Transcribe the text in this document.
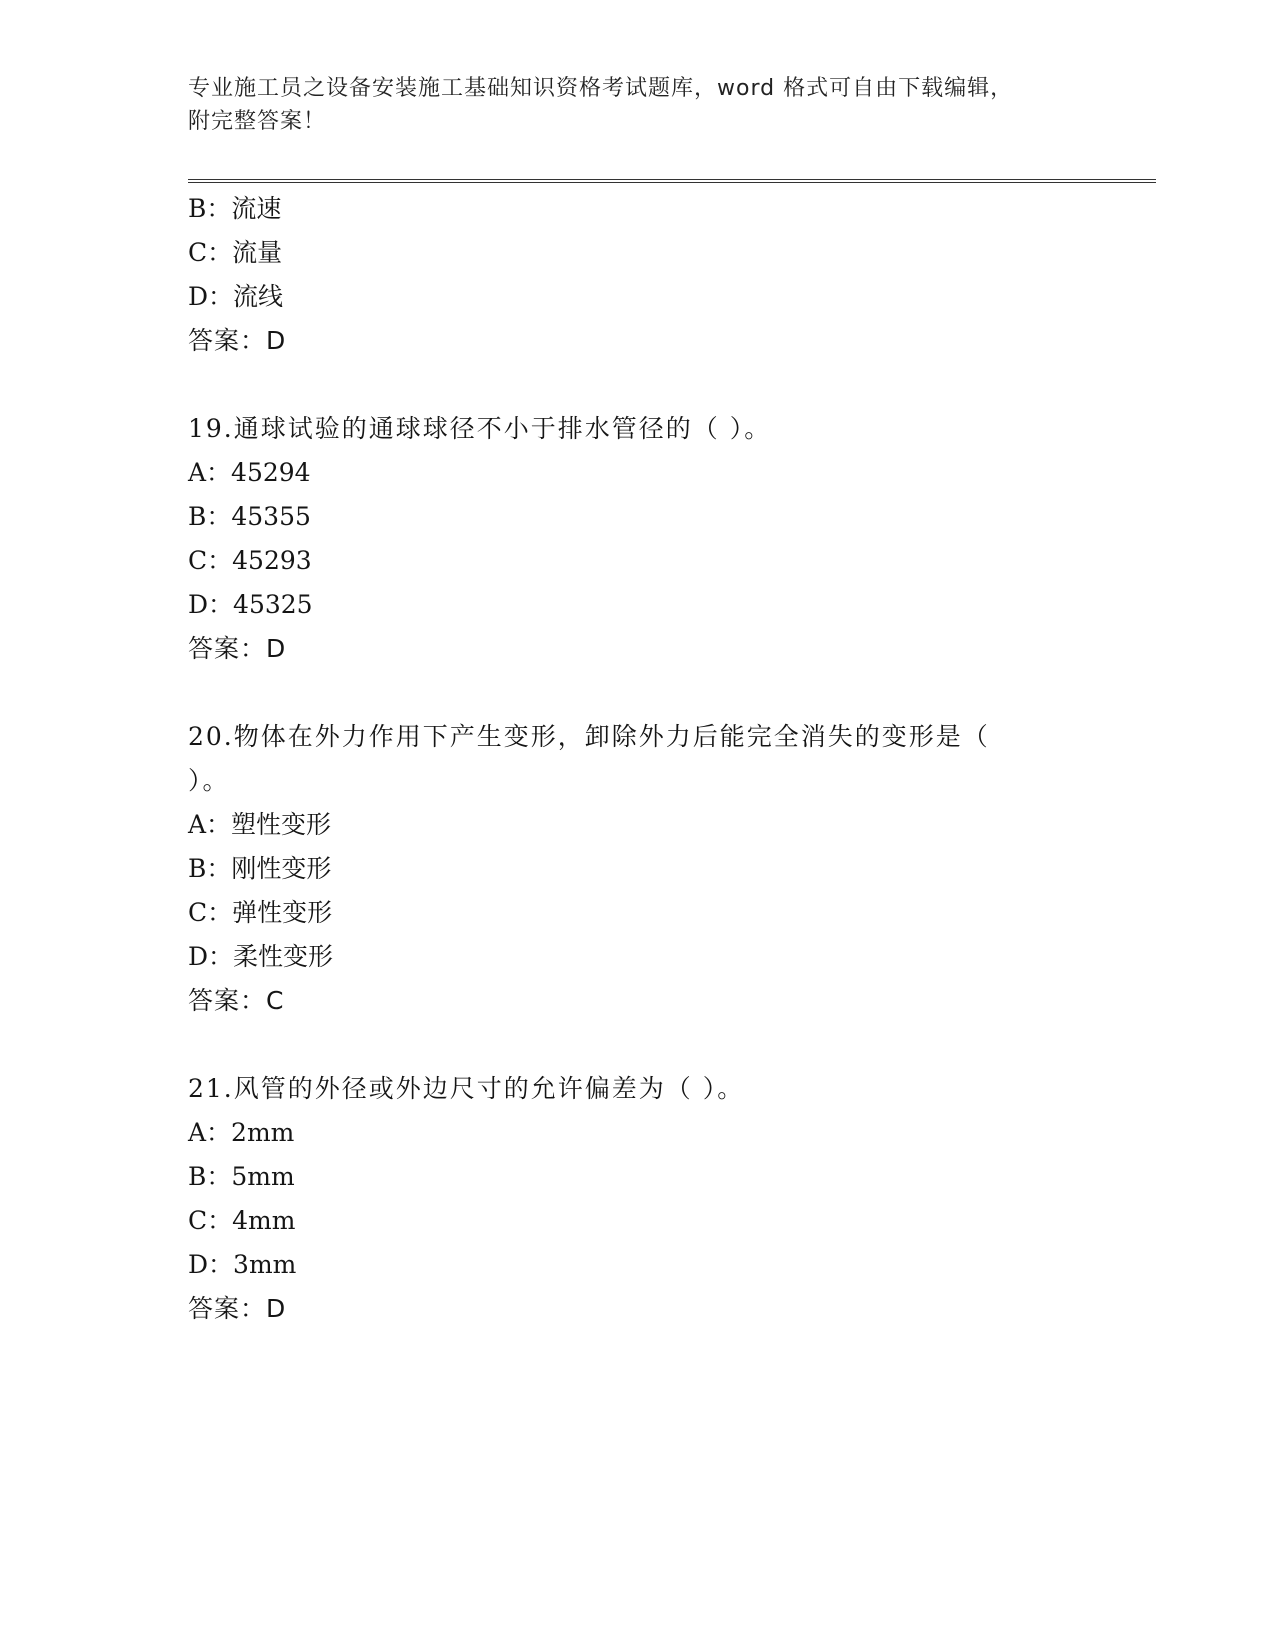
专业施工员之设备安装施工基础知识资格考试题库，word 格式可自由下载编辑，
附完整答案！
B：流速
C：流量
D：流线
答案：D
19.通球试验的通球球径不小于排水管径的（ ）。
A：45294
B：45355
C：45293
D：45325
答案：D
20.物体在外力作用下产生变形，卸除外力后能完全消失的变形是（
）。
A：塑性变形
B：刚性变形
C：弹性变形
D：柔性变形
答案：C
21.风管的外径或外边尺寸的允许偏差为（ ）。
A：2mm
B：5mm
C：4mm
D：3mm
答案：D
